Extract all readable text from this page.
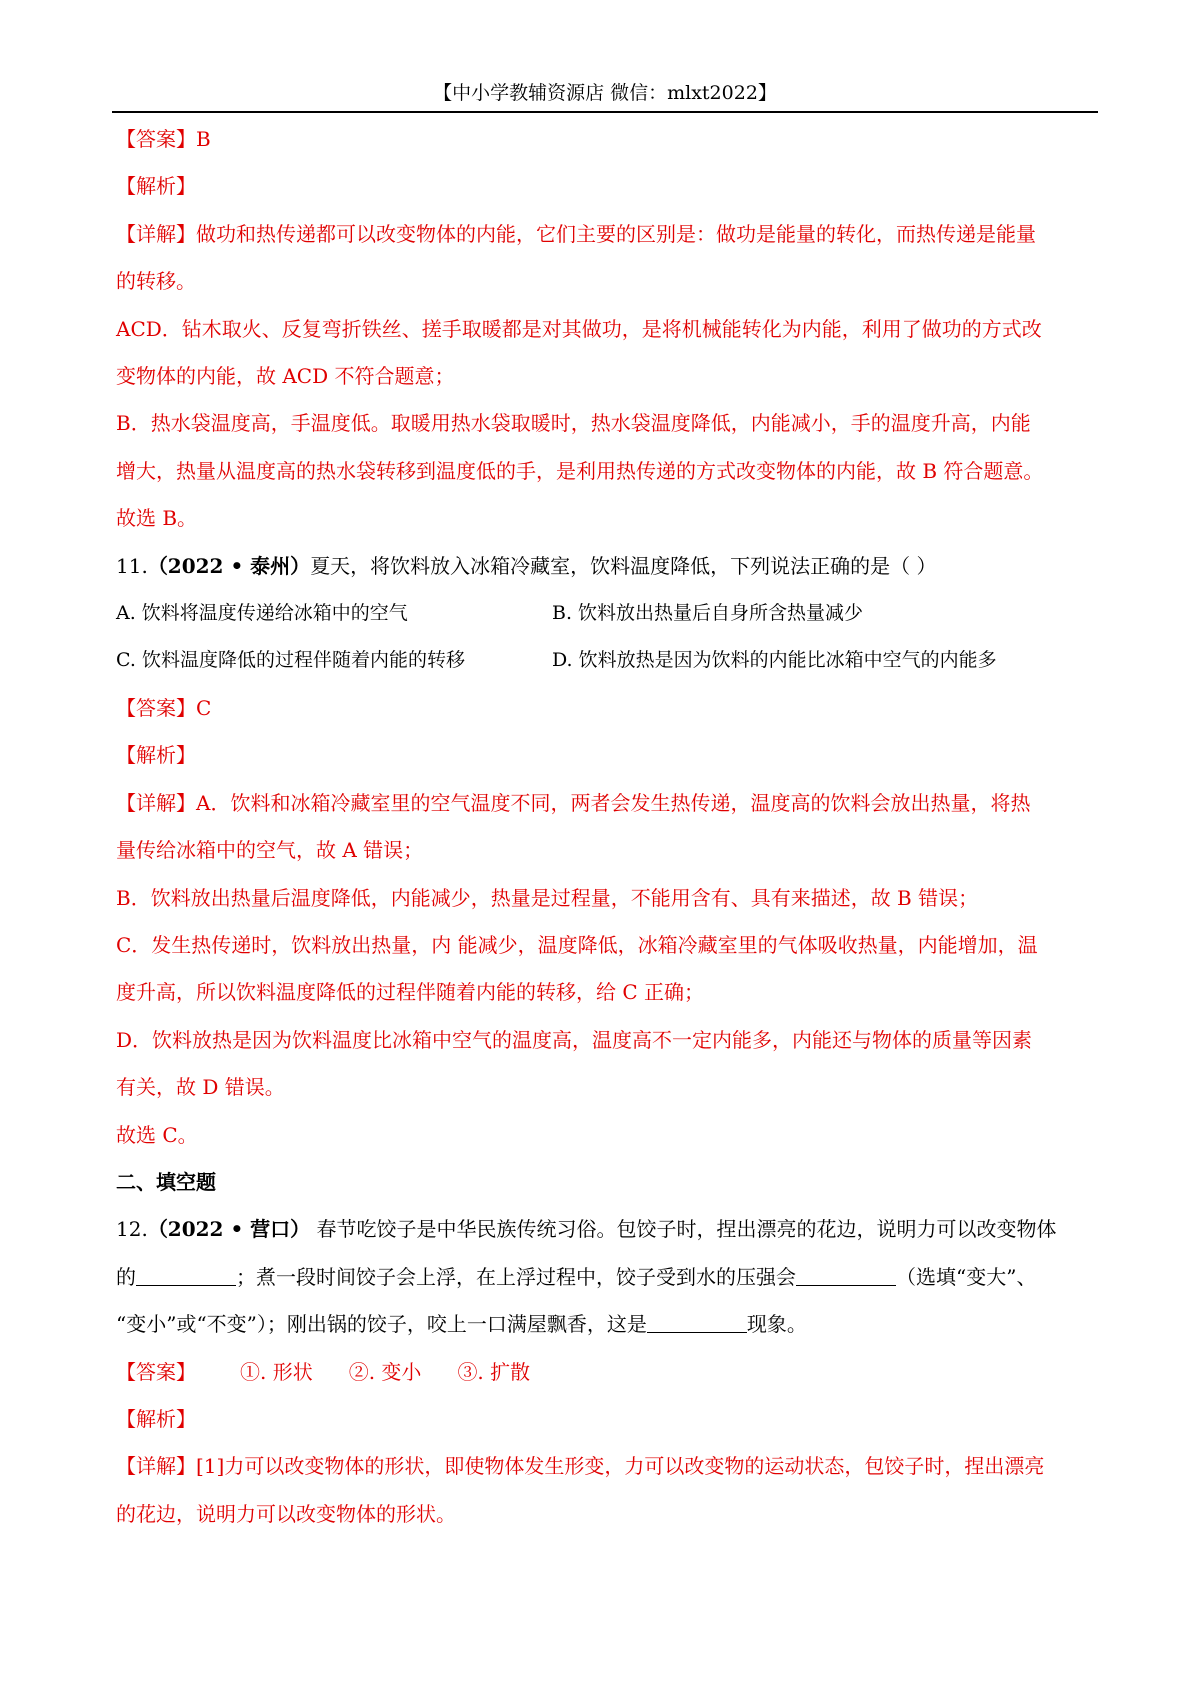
【中小学教辅资源店 微信：mlxt2022】
【答案】B
【解析】
【详解】做功和热传递都可以改变物体的内能，它们主要的区别是：做功是能量的转化，而热传递是能量
的转移。
ACD．钻木取火、反复弯折铁丝、搓手取暖都是对其做功，是将机械能转化为内能，利用了做功的方式改
变物体的内能，故 ACD 不符合题意；
B．热水袋温度高，手温度低。取暖用热水袋取暖时，热水袋温度降低，内能减小，手的温度升高，内能
增大，热量从温度高的热水袋转移到温度低的手，是利用热传递的方式改变物体的内能，故 B 符合题意。
故选 B。
11.（2022 • 泰州）夏天，将饮料放入冰箱冷藏室，饮料温度降低，下列说法正确的是（ ）
A. 饮料将温度传递给冰箱中的空气	B. 饮料放出热量后自身所含热量减少
C. 饮料温度降低的过程伴随着内能的转移	D. 饮料放热是因为饮料的内能比冰箱中空气的内能多
【答案】C
【解析】
【详解】A．饮料和冰箱冷藏室里的空气温度不同，两者会发生热传递，温度高的饮料会放出热量，将热
量传给冰箱中的空气，故 A 错误；
B．饮料放出热量后温度降低，内能减少，热量是过程量，不能用含有、具有来描述，故 B 错误；
C．发生热传递时，饮料放出热量，内 能减少，温度降低，冰箱冷藏室里的气体吸收热量，内能增加，温
度升高，所以饮料温度降低的过程伴随着内能的转移，给 C 正确；
D．饮料放热是因为饮料温度比冰箱中空气的温度高，温度高不一定内能多，内能还与物体的质量等因素
有关，故 D 错误。
故选 C。
二、填空题
12.（2022 • 营口） 春节吃饺子是中华民族传统习俗。包饺子时，捏出漂亮的花边，说明力可以改变物体
的	；煮一段时间饺子会上浮，在上浮过程中，饺子受到水的压强会	（选填“变大”、
“变小”或“不变”）；刚出锅的饺子，咬上一口满屋飘香，这是	现象。
【答案】 ①. 形状 ②. 变小 ③. 扩散
【解析】
【详解】[1]力可以改变物体的形状，即使物体发生形变，力可以改变物的运动状态，包饺子时，捏出漂亮
的花边，说明力可以改变物体的形状。
